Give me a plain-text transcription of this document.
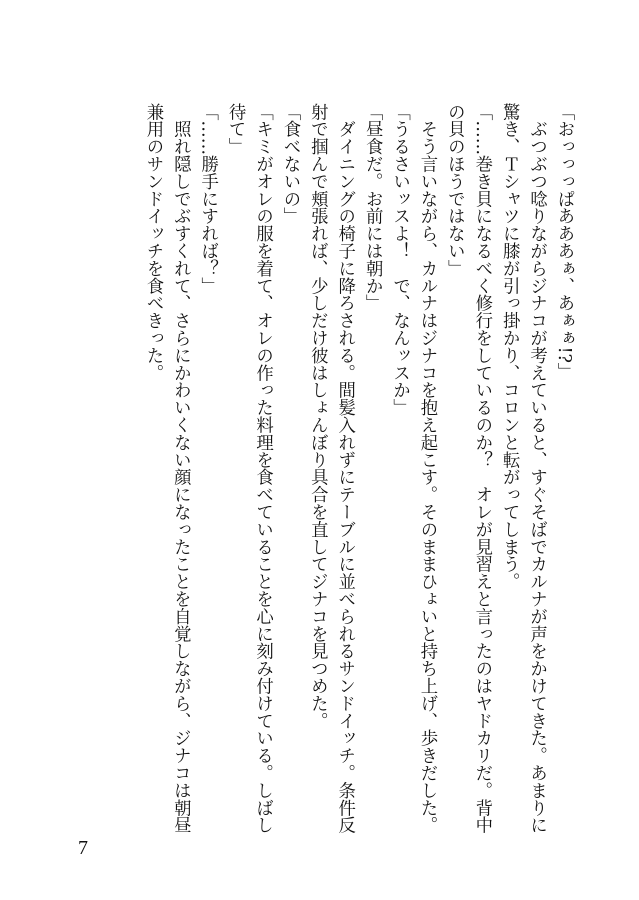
「おっっっぱあああぁ、あぁぁ!?」

　ぶつぶつ唸りながらジナコが考えていると、すぐそばでカルナが声をかけてきた。あまりに

驚き、Ｔシャツに膝が引っ掛かり、コロンと転がってしまう。

「……巻き貝になるべく修行をしているのか？　オレが見習えと言ったのはヤドカリだ。背中

の貝のほうではない」

　そう言いながら、カルナはジナコを抱え起こす。そのままひょいと持ち上げ、歩きだした。

「うるさいッスよ！　で、なんッスか」

「昼食だ。お前には朝か」

　ダイニングの椅子に降ろされる。間髪入れずにテーブルに並べられるサンドイッチ。条件反

射で掴んで頬張れば、少しだけ彼はしょんぼり具合を直してジナコを見つめた。

「食べないの」

「キミがオレの服を着て、オレの作った料理を食べていることを心に刻み付けている。しばし

待て」

「……勝手にすれば？」

　照れ隠しでぶすくれて、さらにかわいくない顔になったことを自覚しながら、ジナコは朝昼

兼用のサンドイッチを食べきった。

7
